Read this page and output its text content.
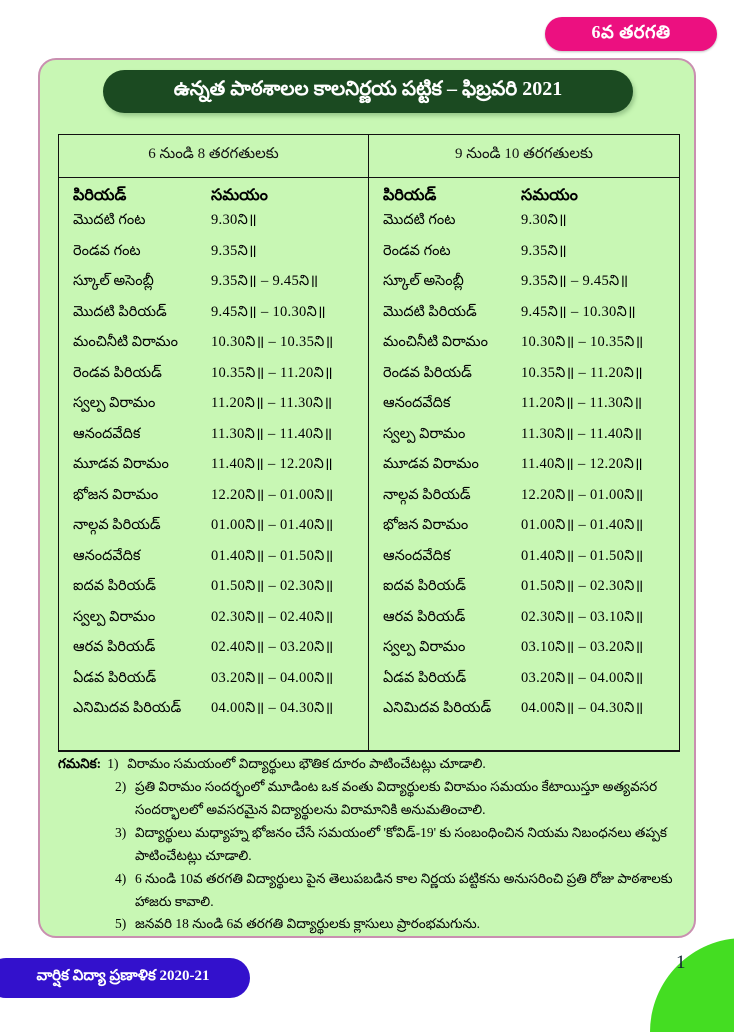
6వ తరగతి
ఉన్నత పాఠశాలల కాలనిర్ణయ పట్టిక – ఫిబ్రవరి 2021
6 నుండి 8 తరగతులకు
పిరియడ్	సమయం
మొదటి గంట	9.30ని॥
రెండవ గంట	9.35ని॥
స్కూల్ అసెంబ్లీ	9.35ని॥ – 9.45ని॥
మొదటి పిరియడ్	9.45ని॥ – 10.30ని॥
మంచినీటి విరామం	10.30ని॥ – 10.35ని॥
రెండవ పిరియడ్	10.35ని॥ – 11.20ని॥
స్వల్ప విరామం	11.20ని॥ – 11.30ని॥
ఆనందవేదిక	11.30ని॥ – 11.40ని॥
మూడవ విరామం	11.40ని॥ – 12.20ని॥
భోజన విరామం	12.20ని॥ – 01.00ని॥
నాల్గవ పిరియడ్	01.00ని॥ – 01.40ని॥
ఆనందవేదిక	01.40ని॥ – 01.50ని॥
ఐదవ పిరియడ్	01.50ని॥ – 02.30ని॥
స్వల్ప విరామం	02.30ని॥ – 02.40ని॥
ఆరవ పిరియడ్	02.40ని॥ – 03.20ని॥
ఏడవ పిరియడ్	03.20ని॥ – 04.00ని॥
ఎనిమిదవ పిరియడ్	04.00ని॥ – 04.30ని॥
9 నుండి 10 తరగతులకు
పిరియడ్	సమయం
మొదటి గంట	9.30ని॥
రెండవ గంట	9.35ని॥
స్కూల్ అసెంబ్లీ	9.35ని॥ – 9.45ని॥
మొదటి పిరియడ్	9.45ని॥ – 10.30ని॥
మంచినీటి విరామం	10.30ని॥ – 10.35ని॥
రెండవ పిరియడ్	10.35ని॥ – 11.20ని॥
ఆనందవేదిక	11.20ని॥ – 11.30ని॥
స్వల్ప విరామం	11.30ని॥ – 11.40ని॥
మూడవ విరామం	11.40ని॥ – 12.20ని॥
నాల్గవ పిరియడ్	12.20ని॥ – 01.00ని॥
భోజన విరామం	01.00ని॥ – 01.40ని॥
ఆనందవేదిక	01.40ని॥ – 01.50ని॥
ఐదవ పిరియడ్	01.50ని॥ – 02.30ని॥
ఆరవ పిరియడ్	02.30ని॥ – 03.10ని॥
స్వల్ప విరామం	03.10ని॥ – 03.20ని॥
ఏడవ పిరియడ్	03.20ని॥ – 04.00ని॥
ఎనిమిదవ పిరియడ్	04.00ని॥ – 04.30ని॥
గమనిక: 1) విరామం సమయంలో విద్యార్థులు భౌతిక దూరం పాటించేటట్లు చూడాలి.
2) ప్రతి విరామం సందర్భంలో మూడింట ఒక వంతు విద్యార్థులకు విరామం సమయం కేటాయిస్తూ అత్యవసర
సందర్భాలలో అవసరమైన విద్యార్థులను విరామానికి అనుమతించాలి.
3) విద్యార్థులు మధ్యాహ్న భోజనం చేసే సమయంలో 'కోవిడ్-19' కు సంబంధించిన నియమ నిబంధనలు తప్పక
పాటించేటట్లు చూడాలి.
4) 6 నుండి 10వ తరగతి విద్యార్థులు పైన తెలుపబడిన కాల నిర్ణయ పట్టికను అనుసరించి ప్రతి రోజు పాఠశాలకు
హాజరు కావాలి.
5) జనవరి 18 నుండి 6వ తరగతి విద్యార్థులకు క్లాసులు ప్రారంభమగును.
వార్షిక విద్యా ప్రణాళిక 2020-21
1
